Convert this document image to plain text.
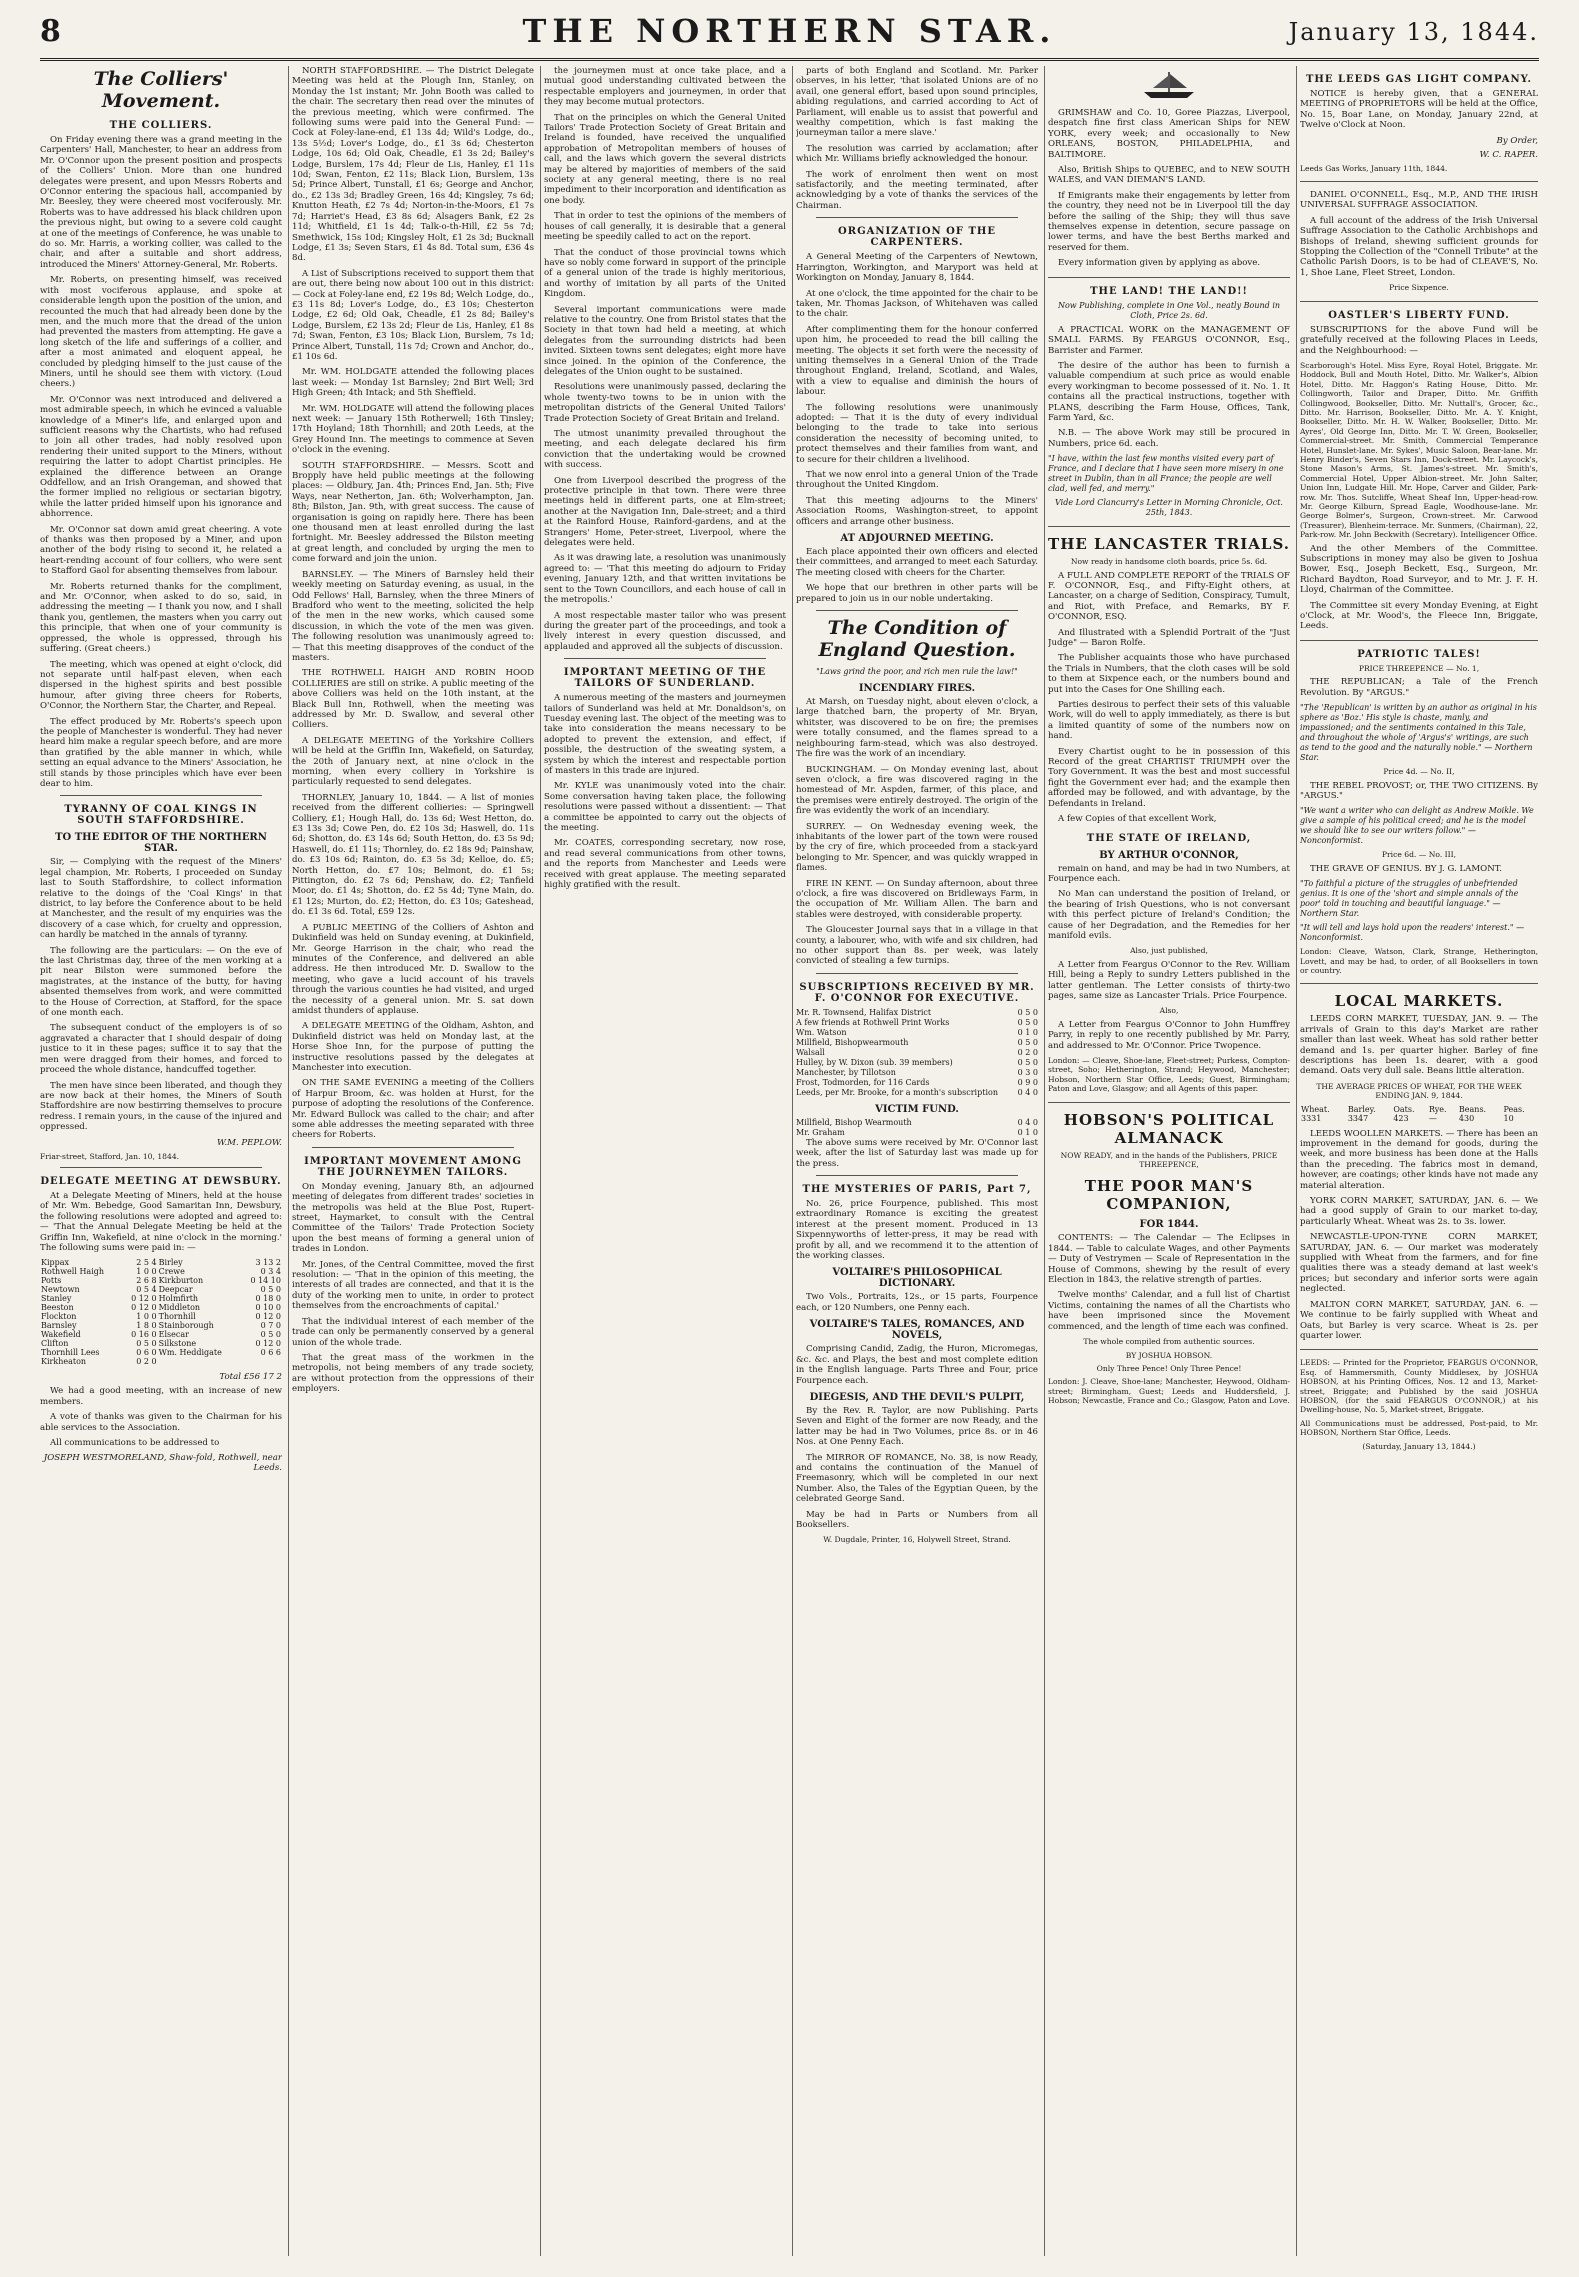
8	THE NORTHERN STAR.	January 13, 1844.
The Colliers' Movement.
THE COLLIERS.

On Friday evening there was a grand meeting in the Carpenters' Hall, Manchester, to hear an address from Mr. O'Connor upon the present position and prospects of the Colliers' Union. More than one hundred delegates were present, and upon Messrs Roberts and O'Connor entering the spacious hall, accompanied by Mr. Beesley, they were cheered most vociferously. Mr. Roberts was to have addressed his black children upon the previous night, but owing to a severe cold caught at one of the meetings of Conference, he was unable to do so. Mr. Harris, a working collier, was called to the chair, and after a suitable and short address, introduced the Miners' Attorney-General, Mr. Roberts.

Mr. Roberts, on presenting himself, was received with most vociferous applause, and spoke at considerable length upon the position of the union, and recounted the much that had already been done by the men, and the much more that the dread of the union had prevented the masters from attempting. He gave a long sketch of the life and sufferings of a collier, and after a most animated and eloquent appeal, he concluded by pledging himself to the just cause of the Miners, until he should see them with victory. (Loud cheers.)

Mr. O'Connor was next introduced and delivered a most admirable speech, in which he evinced a valuable knowledge of a Miner's life, and enlarged upon and sufficient reasons why the Chartists, who had refused to join all other trades, had nobly resolved upon rendering their united support to the Miners, without requiring the latter to adopt Chartist principles. He explained the difference between an Orange Oddfellow, and an Irish Orangeman, and showed that the former implied no religious or sectarian bigotry, while the latter prided himself upon his ignorance and abhorrence.

Mr. O'Connor sat down amid great cheering. A vote of thanks was then proposed by a Miner, and upon another of the body rising to second it, he related a heart-rending account of four colliers, who were sent to Stafford Gaol for absenting themselves from labour.

Mr. Roberts returned thanks for the compliment, and Mr. O'Connor, when asked to do so, said, in addressing the meeting — I thank you now, and I shall thank you, gentlemen, the masters when you carry out this principle, that when one of your community is oppressed, the whole is oppressed, through his suffering. (Great cheers.)

The meeting, which was opened at eight o'clock, did not separate until half-past eleven, when each dispersed in the highest spirits and best possible humour, after giving three cheers for Roberts, O'Connor, the Northern Star, the Charter, and Repeal.

The effect produced by Mr. Roberts's speech upon the people of Manchester is wonderful. They had never heard him make a regular speech before, and are more than gratified by the able manner in which, while setting an equal advance to the Miners' Association, he still stands by those principles which have ever been dear to him.

TYRANNY OF COAL KINGS IN SOUTH STAFFORDSHIRE.
TO THE EDITOR OF THE NORTHERN STAR.

Sir, — Complying with the request of the Miners' legal champion, Mr. Roberts, I proceeded on Sunday last to South Staffordshire, to collect information relative to the doings of the 'Coal Kings' in that district, to lay before the Conference about to be held at Manchester, and the result of my enquiries was the discovery of a case which, for cruelty and oppression, can hardly be matched in the annals of tyranny.

The following are the particulars: — On the eve of the last Christmas day, three of the men working at a pit near Bilston were summoned before the magistrates, at the instance of the butty, for having absented themselves from work, and were committed to the House of Correction, at Stafford, for the space of one month each.

The subsequent conduct of the employers is of so aggravated a character that I should despair of doing justice to it in these pages; suffice it to say that the men were dragged from their homes, and forced to proceed the whole distance, handcuffed together.

The men have since been liberated, and though they are now back at their homes, the Miners of South Staffordshire are now bestirring themselves to procure redress. I remain yours, in the cause of the injured and oppressed.

W.M. PEPLOW.

Friar-street, Stafford, Jan. 10, 1844.

DELEGATE MEETING AT DEWSBURY.

At a Delegate Meeting of Miners, held at the house of Mr. Wm. Bebedge, Good Samaritan Inn, Dewsbury, the following resolutions were adopted and agreed to: — 'That the Annual Delegate Meeting be held at the Griffin Inn, Wakefield, at nine o'clock in the morning.' The following sums were paid in: —

Kippax	2 5 4	Birley	3 13 2
Rothwell Haigh	1 0 0	Crewe	0 3 4
Potts	2 6 8	Kirkburton	0 14 10
Newtown	0 5 4	Deepcar	0 5 0
Stanley	0 12 0	Holmfirth	0 18 0
Beeston	0 12 0	Middleton	0 10 0
Flockton	1 0 0	Thornhill	0 12 0
Barnsley	1 8 0	Stainborough	0 7 0
Wakefield	0 16 0	Elsecar	0 5 0
Clifton	0 5 0	Silkstone	0 12 0
Thornhill Lees	0 6 0	Wm. Heddigate	0 6 6
Kirkheaton	0 2 0		
Total £56 17 2

We had a good meeting, with an increase of new members.

A vote of thanks was given to the Chairman for his able services to the Association.

All communications to be addressed to

JOSEPH WESTMORELAND, Shaw-fold, Rothwell, near Leeds.

NORTH STAFFORDSHIRE. — The District Delegate Meeting was held at the Plough Inn, Stanley, on Monday the 1st instant; Mr. John Booth was called to the chair. The secretary then read over the minutes of the previous meeting, which were confirmed. The following sums were paid into the General Fund: — Cock at Foley-lane-end, £1 13s 4d; Wild's Lodge, do., 13s 5½d; Lover's Lodge, do., £1 3s 6d; Chesterton Lodge, 10s 6d; Old Oak, Cheadle, £1 3s 2d; Bailey's Lodge, Burslem, 17s 4d; Fleur de Lis, Hanley, £1 11s 10d; Swan, Fenton, £2 11s; Black Lion, Burslem, 13s 5d; Prince Albert, Tunstall, £1 6s; George and Anchor, do., £2 13s 3d; Bradley Green, 16s 4d; Kingsley, 7s 6d; Knutton Heath, £2 7s 4d; Norton-in-the-Moors, £1 7s 7d; Harriet's Head, £3 8s 6d; Alsagers Bank, £2 2s 11d; Whitfield, £1 1s 4d; Talk-o-th-Hill, £2 5s 7d; Smethwick, 15s 10d; Kingsley Holt, £1 2s 3d; Bucknall Lodge, £1 3s; Seven Stars, £1 4s 8d. Total sum, £36 4s 8d.

A List of Subscriptions received to support them that are out, there being now about 100 out in this district: — Cock at Foley-lane end, £2 19s 8d; Welch Lodge, do., £3 11s 8d; Lover's Lodge, do., £3 10s; Chesterton Lodge, £2 6d; Old Oak, Cheadle, £1 2s 8d; Bailey's Lodge, Burslem, £2 13s 2d; Fleur de Lis, Hanley, £1 8s 7d; Swan, Fenton, £3 10s; Black Lion, Burslem, 7s 1d; Prince Albert, Tunstall, 11s 7d; Crown and Anchor, do., £1 10s 6d.

Mr. WM. HOLDGATE attended the following places last week: — Monday 1st Barnsley; 2nd Birt Well; 3rd High Green; 4th Intack; and 5th Sheffield.

Mr. WM. HOLDGATE will attend the following places next week: — January 15th Rotherwell; 16th Tinsley; 17th Hoyland; 18th Thornhill; and 20th Leeds, at the Grey Hound Inn. The meetings to commence at Seven o'clock in the evening.

SOUTH STAFFORDSHIRE. — Messrs. Scott and Bropply have held public meetings at the following places: — Oldbury, Jan. 4th; Princes End, Jan. 5th; Five Ways, near Netherton, Jan. 6th; Wolverhampton, Jan. 8th; Bilston, Jan. 9th, with great success. The cause of organisation is going on rapidly here. There has been one thousand men at least enrolled during the last fortnight. Mr. Beesley addressed the Bilston meeting at great length, and concluded by urging the men to come forward and join the union.

BARNSLEY. — The Miners of Barnsley held their weekly meeting on Saturday evening, as usual, in the Odd Fellows' Hall, Barnsley, when the three Miners of Bradford who went to the meeting, solicited the help of the men in the new works, which caused some discussion, in which the vote of the men was given. The following resolution was unanimously agreed to: — That this meeting disapproves of the conduct of the masters.

THE ROTHWELL HAIGH AND ROBIN HOOD COLLIERIES are still on strike. A public meeting of the above Colliers was held on the 10th instant, at the Black Bull Inn, Rothwell, when the meeting was addressed by Mr. D. Swallow, and several other Colliers.

A DELEGATE MEETING of the Yorkshire Colliers will be held at the Griffin Inn, Wakefield, on Saturday, the 20th of January next, at nine o'clock in the morning, when every colliery in Yorkshire is particularly requested to send delegates.

THORNLEY, January 10, 1844. — A list of monies received from the different collieries: — Springwell Colliery, £1; Hough Hall, do. 13s 6d; West Hetton, do. £3 13s 3d; Cowe Pen, do. £2 10s 3d; Haswell, do. 11s 6d; Shotton, do. £3 14s 6d; South Hetton, do. £3 5s 9d; Haswell, do. £1 11s; Thornley, do. £2 18s 9d; Painshaw, do. £3 10s 6d; Rainton, do. £3 5s 3d; Kelloe, do. £5; North Hetton, do. £7 10s; Belmont, do. £1 5s; Pittington, do. £2 7s 6d; Penshaw, do. £2; Tanfield Moor, do. £1 4s; Shotton, do. £2 5s 4d; Tyne Main, do. £1 12s; Murton, do. £2; Hetton, do. £3 10s; Gateshead, do. £1 3s 6d. Total, £59 12s.

A PUBLIC MEETING of the Colliers of Ashton and Dukinfield was held on Sunday evening, at Dukinfield, Mr. George Harrison in the chair, who read the minutes of the Conference, and delivered an able address. He then introduced Mr. D. Swallow to the meeting, who gave a lucid account of his travels through the various counties he had visited, and urged the necessity of a general union. Mr. S. sat down amidst thunders of applause.

A DELEGATE MEETING of the Oldham, Ashton, and Dukinfield district was held on Monday last, at the Horse Shoe Inn, for the purpose of putting the instructive resolutions passed by the delegates at Manchester into execution.

ON THE SAME EVENING a meeting of the Colliers of Harpur Broom, &c. was holden at Hurst, for the purpose of adopting the resolutions of the Conference. Mr. Edward Bullock was called to the chair; and after some able addresses the meeting separated with three cheers for Roberts.

IMPORTANT MOVEMENT AMONG THE JOURNEYMEN TAILORS.

On Monday evening, January 8th, an adjourned meeting of delegates from different trades' societies in the metropolis was held at the Blue Post, Rupert-street, Haymarket, to consult with the Central Committee of the Tailors' Trade Protection Society upon the best means of forming a general union of trades in London.

Mr. Jones, of the Central Committee, moved the first resolution: — 'That in the opinion of this meeting, the interests of all trades are connected, and that it is the duty of the working men to unite, in order to protect themselves from the encroachments of capital.'

That the individual interest of each member of the trade can only be permanently conserved by a general union of the whole trade.

That the great mass of the workmen in the metropolis, not being members of any trade society, are without protection from the oppressions of their employers.

the journeymen must at once take place, and a mutual good understanding cultivated between the respectable employers and journeymen, in order that they may become mutual protectors.

That on the principles on which the General United Tailors' Trade Protection Society of Great Britain and Ireland is founded, have received the unqualified approbation of Metropolitan members of houses of call, and the laws which govern the several districts may be altered by majorities of members of the said society at any general meeting, there is no real impediment to their incorporation and identification as one body.

That in order to test the opinions of the members of houses of call generally, it is desirable that a general meeting be speedily called to act on the report.

That the conduct of those provincial towns which have so nobly come forward in support of the principle of a general union of the trade is highly meritorious, and worthy of imitation by all parts of the United Kingdom.

Several important communications were made relative to the country. One from Bristol states that the Society in that town had held a meeting, at which delegates from the surrounding districts had been invited. Sixteen towns sent delegates; eight more have since joined. In the opinion of the Conference, the delegates of the Union ought to be sustained.

Resolutions were unanimously passed, declaring the whole twenty-two towns to be in union with the metropolitan districts of the General United Tailors' Trade Protection Society of Great Britain and Ireland.

The utmost unanimity prevailed throughout the meeting, and each delegate declared his firm conviction that the undertaking would be crowned with success.

One from Liverpool described the progress of the protective principle in that town. There were three meetings held in different parts, one at Elm-street; another at the Navigation Inn, Dale-street; and a third at the Rainford House, Rainford-gardens, and at the Strangers' Home, Peter-street, Liverpool, where the delegates were held.

As it was drawing late, a resolution was unanimously agreed to: — 'That this meeting do adjourn to Friday evening, January 12th, and that written invitations be sent to the Town Councillors, and each house of call in the metropolis.'

A most respectable master tailor who was present during the greater part of the proceedings, and took a lively interest in every question discussed, and applauded and approved all the subjects of discussion.

IMPORTANT MEETING OF THE TAILORS OF SUNDERLAND.

A numerous meeting of the masters and journeymen tailors of Sunderland was held at Mr. Donaldson's, on Tuesday evening last. The object of the meeting was to take into consideration the means necessary to be adopted to prevent the extension, and effect, if possible, the destruction of the sweating system, a system by which the interest and respectable portion of masters in this trade are injured.

Mr. KYLE was unanimously voted into the chair. Some conversation having taken place, the following resolutions were passed without a dissentient: — That a committee be appointed to carry out the objects of the meeting.

Mr. COATES, corresponding secretary, now rose, and read several communications from other towns, and the reports from Manchester and Leeds were received with great applause. The meeting separated highly gratified with the result.

parts of both England and Scotland. Mr. Parker observes, in his letter, 'that isolated Unions are of no avail, one general effort, based upon sound principles, abiding regulations, and carried according to Act of Parliament, will enable us to assist that powerful and wealthy competition, which is fast making the journeyman tailor a mere slave.'

The resolution was carried by acclamation; after which Mr. Williams briefly acknowledged the honour.

The work of enrolment then went on most satisfactorily, and the meeting terminated, after acknowledging by a vote of thanks the services of the Chairman.

ORGANIZATION OF THE CARPENTERS.

A General Meeting of the Carpenters of Newtown, Harrington, Workington, and Maryport was held at Workington on Monday, January 8, 1844.

At one o'clock, the time appointed for the chair to be taken, Mr. Thomas Jackson, of Whitehaven was called to the chair.

After complimenting them for the honour conferred upon him, he proceeded to read the bill calling the meeting. The objects it set forth were the necessity of uniting themselves in a General Union of the Trade throughout England, Ireland, Scotland, and Wales, with a view to equalise and diminish the hours of labour.

The following resolutions were unanimously adopted: — That it is the duty of every individual belonging to the trade to take into serious consideration the necessity of becoming united, to protect themselves and their families from want, and to secure for their children a livelihood.

That we now enrol into a general Union of the Trade throughout the United Kingdom.

That this meeting adjourns to the Miners' Association Rooms, Washington-street, to appoint officers and arrange other business.

AT ADJOURNED MEETING.

Each place appointed their own officers and elected their committees, and arranged to meet each Saturday. The meeting closed with cheers for the Charter.

We hope that our brethren in other parts will be prepared to join us in our noble undertaking.

The Condition of England Question.

"Laws grind the poor, and rich men rule the law!"

INCENDIARY FIRES.

At Marsh, on Tuesday night, about eleven o'clock, a large thatched barn, the property of Mr. Bryan, whitster, was discovered to be on fire; the premises were totally consumed, and the flames spread to a neighbouring farm-stead, which was also destroyed. The fire was the work of an incendiary.

BUCKINGHAM. — On Monday evening last, about seven o'clock, a fire was discovered raging in the homestead of Mr. Aspden, farmer, of this place, and the premises were entirely destroyed. The origin of the fire was evidently the work of an incendiary.

SURREY. — On Wednesday evening week, the inhabitants of the lower part of the town were roused by the cry of fire, which proceeded from a stack-yard belonging to Mr. Spencer, and was quickly wrapped in flames.

FIRE IN KENT. — On Sunday afternoon, about three o'clock, a fire was discovered on Bridleways Farm, in the occupation of Mr. William Allen. The barn and stables were destroyed, with considerable property.

The Gloucester Journal says that in a village in that county, a labourer, who, with wife and six children, had no other support than 8s. per week, was lately convicted of stealing a few turnips.

SUBSCRIPTIONS RECEIVED BY MR. F. O'CONNOR FOR EXECUTIVE.
Mr. R. Townsend, Halifax District	0 5 0
A few friends at Rothwell Print Works	0 5 0
Wm. Watson	0 1 0
Millfield, Bishopwearmouth	0 5 0
Walsall	0 2 0
Hulley, by W. Dixon (sub. 39 members)	0 5 0
Manchester, by Tillotson	0 3 0
Frost, Todmorden, for 116 Cards	0 9 0
Leeds, per Mr. Brooke, for a month's subscription 0 4 0
VICTIM FUND.
Millfield, Bishop Wearmouth	0 4 0
Mr. Graham	0 1 0

The above sums were received by Mr. O'Connor last week, after the list of Saturday last was made up for the press.

THE MYSTERIES OF PARIS, Part 7,

No. 26, price Fourpence, published. This most extraordinary Romance is exciting the greatest interest at the present moment. Produced in 13 Sixpennyworths of letter-press, it may be read with profit by all, and we recommend it to the attention of the working classes.

VOLTAIRE'S PHILOSOPHICAL DICTIONARY.

Two Vols., Portraits, 12s., or 15 parts, Fourpence each, or 120 Numbers, one Penny each.

VOLTAIRE'S TALES, ROMANCES, AND NOVELS,

Comprising Candid, Zadig, the Huron, Micromegas, &c. &c. and Plays, the best and most complete edition in the English language. Parts Three and Four, price Fourpence each.

DIEGESIS, AND THE DEVIL'S PULPIT,

By the Rev. R. Taylor, are now Publishing. Parts Seven and Eight of the former are now Ready, and the latter may be had in Two Volumes, price 8s. or in 46 Nos. at One Penny Each.

The MIRROR OF ROMANCE, No. 38, is now Ready, and contains the continuation of the Manuel of Freemasonry, which will be completed in our next Number. Also, the Tales of the Egyptian Queen, by the celebrated George Sand.

May be had in Parts or Numbers from all Booksellers.

W. Dugdale, Printer, 16, Holywell Street, Strand.

GRIMSHAW and Co. 10, Goree Piazzas, Liverpool, despatch fine first class American Ships for NEW YORK, every week; and occasionally to New ORLEANS, BOSTON, PHILADELPHIA, and BALTIMORE.

Also, British Ships to QUEBEC, and to NEW SOUTH WALES, and VAN DIEMAN'S LAND.

If Emigrants make their engagements by letter from the country, they need not be in Liverpool till the day before the sailing of the Ship; they will thus save themselves expense in detention, secure passage on lower terms, and have the best Berths marked and reserved for them.

Every information given by applying as above.

THE LAND! THE LAND!!

Now Publishing, complete in One Vol., neatly Bound in Cloth, Price 2s. 6d.

A PRACTICAL WORK on the MANAGEMENT OF SMALL FARMS. By FEARGUS O'CONNOR, Esq., Barrister and Farmer.

The desire of the author has been to furnish a valuable compendium at such price as would enable every workingman to become possessed of it. No. 1. It contains all the practical instructions, together with PLANS, describing the Farm House, Offices, Tank, Farm Yard, &c.

N.B. — The above Work may still be procured in Numbers, price 6d. each.

"I have, within the last few months visited every part of France, and I declare that I have seen more misery in one street in Dublin, than in all France; the people are well clad, well fed, and merry."

Vide Lord Clancurry's Letter in Morning Chronicle, Oct. 25th, 1843.

THE LANCASTER TRIALS.

Now ready in handsome cloth boards, price 5s. 6d.

A FULL AND COMPLETE REPORT of the TRIALS OF F. O'CONNOR, Esq., and Fifty-Eight others, at Lancaster, on a charge of Sedition, Conspiracy, Tumult, and Riot, with Preface, and Remarks, BY F. O'CONNOR, ESQ.

And Illustrated with a Splendid Portrait of the "Just Judge" — Baron Rolfe.

The Publisher acquaints those who have purchased the Trials in Numbers, that the cloth cases will be sold to them at Sixpence each, or the numbers bound and put into the Cases for One Shilling each.

Parties desirous to perfect their sets of this valuable Work, will do well to apply immediately, as there is but a limited quantity of some of the numbers now on hand.

Every Chartist ought to be in possession of this Record of the great CHARTIST TRIUMPH over the Tory Government. It was the best and most successful fight the Government ever had; and the example then afforded may be followed, and with advantage, by the Defendants in Ireland.

A few Copies of that excellent Work,

THE STATE OF IRELAND,
BY ARTHUR O'CONNOR,

remain on hand, and may be had in two Numbers, at Fourpence each.

No Man can understand the position of Ireland, or the bearing of Irish Questions, who is not conversant with this perfect picture of Ireland's Condition; the cause of her Degradation, and the Remedies for her manifold evils.

Also, just published,

A Letter from Feargus O'Connor to the Rev. William Hill, being a Reply to sundry Letters published in the latter gentleman. The Letter consists of thirty-two pages, same size as Lancaster Trials. Price Fourpence.

Also,

A Letter from Feargus O'Connor to John Humffrey Parry, in reply to one recently published by Mr. Parry, and addressed to Mr. O'Connor. Price Twopence.

London: — Cleave, Shoe-lane, Fleet-street; Purkess, Compton-street, Soho; Hetherington, Strand; Heywood, Manchester; Hobson, Northern Star Office, Leeds; Guest, Birmingham; Paton and Love, Glasgow; and all Agents of this paper.

HOBSON'S POLITICAL ALMANACK

NOW READY, and in the hands of the Publishers, PRICE THREEPENCE,

THE POOR MAN'S COMPANION,
FOR 1844.

CONTENTS: — The Calendar — The Eclipses in 1844. — Table to calculate Wages, and other Payments — Duty of Vestrymen — Scale of Representation in the House of Commons, shewing by the result of every Election in 1843, the relative strength of parties.

Twelve months' Calendar, and a full list of Chartist Victims, containing the names of all the Chartists who have been imprisoned since the Movement commenced, and the length of time each was confined.

The whole compiled from authentic sources.

BY JOSHUA HOBSON.

Only Three Pence! Only Three Pence!

London: J. Cleave, Shoe-lane; Manchester, Heywood, Oldham-street; Birmingham, Guest; Leeds and Huddersfield, J. Hobson; Newcastle, France and Co.; Glasgow, Paton and Love.

THE LEEDS GAS LIGHT COMPANY.

NOTICE is hereby given, that a GENERAL MEETING of PROPRIETORS will be held at the Office, No. 15, Boar Lane, on Monday, January 22nd, at Twelve o'Clock at Noon.

By Order,
W. C. RAPER.

Leeds Gas Works, January 11th, 1844.

DANIEL O'CONNELL, Esq., M.P., AND THE IRISH UNIVERSAL SUFFRAGE ASSOCIATION.

A full account of the address of the Irish Universal Suffrage Association to the Catholic Archbishops and Bishops of Ireland, shewing sufficient grounds for Stopping the Collection of the "Connell Tribute" at the Catholic Parish Doors, is to be had of CLEAVE'S, No. 1, Shoe Lane, Fleet Street, London.

Price Sixpence.

OASTLER'S LIBERTY FUND.

SUBSCRIPTIONS for the above Fund will be gratefully received at the following Places in Leeds, and the Neighbourhood: —

Scarborough's Hotel. Miss Eyre, Royal Hotel, Briggate. Mr. Hoddock, Bull and Mouth Hotel, Ditto. Mr. Walker's, Albion Hotel, Ditto. Mr. Haggon's Rating House, Ditto. Mr. Collingworth, Tailor and Draper, Ditto. Mr. Griffith Collingwood, Bookseller, Ditto. Mr. Nuttall's, Grocer, &c., Ditto. Mr. Harrison, Bookseller, Ditto. Mr. A. Y. Knight, Bookseller, Ditto. Mr. H. W. Walker, Bookseller, Ditto. Mr. Ayres', Old George Inn, Ditto. Mr. T. W. Green, Bookseller, Commercial-street. Mr. Smith, Commercial Temperance Hotel, Hunslet-lane. Mr. Sykes', Music Saloon, Bear-lane. Mr. Henry Binder's, Seven Stars Inn, Dock-street. Mr. Laycock's, Stone Mason's Arms, St. James's-street. Mr. Smith's, Commercial Hotel, Upper Albion-street. Mr. John Salter, Union Inn, Ludgate Hill. Mr. Hope, Carver and Gilder, Park-row. Mr. Thos. Sutcliffe, Wheat Sheaf Inn, Upper-head-row. Mr. George Kilburn, Spread Eagle, Woodhouse-lane. Mr. George Bolmer's, Surgeon, Crown-street. Mr. Carwood (Treasurer), Blenheim-terrace. Mr. Sunmers, (Chairman), 22, Park-row. Mr. John Beckwith (Secretary). Intelligencer Office.

And the other Members of the Committee. Subscriptions in money may also be given to Joshua Bower, Esq., Joseph Beckett, Esq., Surgeon, Mr. Richard Baydton, Road Surveyor, and to Mr. J. F. H. Lloyd, Chairman of the Committee.

The Committee sit every Monday Evening, at Eight o'Clock, at Mr. Wood's, the Fleece Inn, Briggate, Leeds.

PATRIOTIC TALES!

PRICE THREEPENCE — No. 1,

THE REPUBLICAN; a Tale of the French Revolution. By "ARGUS."

"The 'Republican' is written by an author as original in his sphere as 'Boz.' His style is chaste, manly, and impassioned; and the sentiments contained in this Tale, and throughout the whole of 'Argus's' writings, are such as tend to the good and the naturally noble." — Northern Star.

Price 4d. — No. II,

THE REBEL PROVOST; or, THE TWO CITIZENS. By "ARGUS."

"We want a writer who can delight as Andrew Moikle. We give a sample of his political creed; and he is the model we should like to see our writers follow." — Nonconformist.

Price 6d. — No. III,

THE GRAVE OF GENIUS. BY J. G. LAMONT.

"To faithful a picture of the struggles of unbefriended genius. It is one of the 'short and simple annals of the poor' told in touching and beautiful language." — Northern Star.

"It will tell and lays hold upon the readers' interest." — Nonconformist.

London: Cleave, Watson, Clark, Strange, Hetherington, Lovett, and may be had, to order, of all Booksellers in town or country.

LOCAL MARKETS.

LEEDS CORN MARKET, TUESDAY, JAN. 9. — The arrivals of Grain to this day's Market are rather smaller than last week. Wheat has sold rather better demand and 1s. per quarter higher. Barley of fine descriptions has been 1s. dearer, with a good demand. Oats very dull sale. Beans little alteration.

THE AVERAGE PRICES OF WHEAT, FOR THE WEEK ENDING JAN. 9, 1844.

Wheat.	Barley.	Oats.	Rye.	Beans.	Peas.
3331	3347	423	—	430	10

LEEDS WOOLLEN MARKETS. — There has been an improvement in the demand for goods, during the week, and more business has been done at the Halls than the preceding. The fabrics most in demand, however, are coatings; other kinds have not made any material alteration.

YORK CORN MARKET, SATURDAY, JAN. 6. — We had a good supply of Grain to our market to-day, particularly Wheat. Wheat was 2s. to 3s. lower.

NEWCASTLE-UPON-TYNE CORN MARKET, SATURDAY, JAN. 6. — Our market was moderately supplied with Wheat from the farmers, and for fine qualities there was a steady demand at last week's prices; but secondary and inferior sorts were again neglected.

MALTON CORN MARKET, SATURDAY, JAN. 6. — We continue to be fairly supplied with Wheat and Oats, but Barley is very scarce. Wheat is 2s. per quarter lower.

LEEDS: — Printed for the Proprietor, FEARGUS O'CONNOR, Esq. of Hammersmith, County Middlesex, by JOSHUA HOBSON, at his Printing Offices, Nos. 12 and 13, Market-street, Briggate; and Published by the said JOSHUA HOBSON, (for the said FEARGUS O'CONNOR,) at his Dwelling-house, No. 5, Market-street, Briggate.

All Communications must be addressed, Post-paid, to Mr. HOBSON, Northern Star Office, Leeds.

(Saturday, January 13, 1844.)
